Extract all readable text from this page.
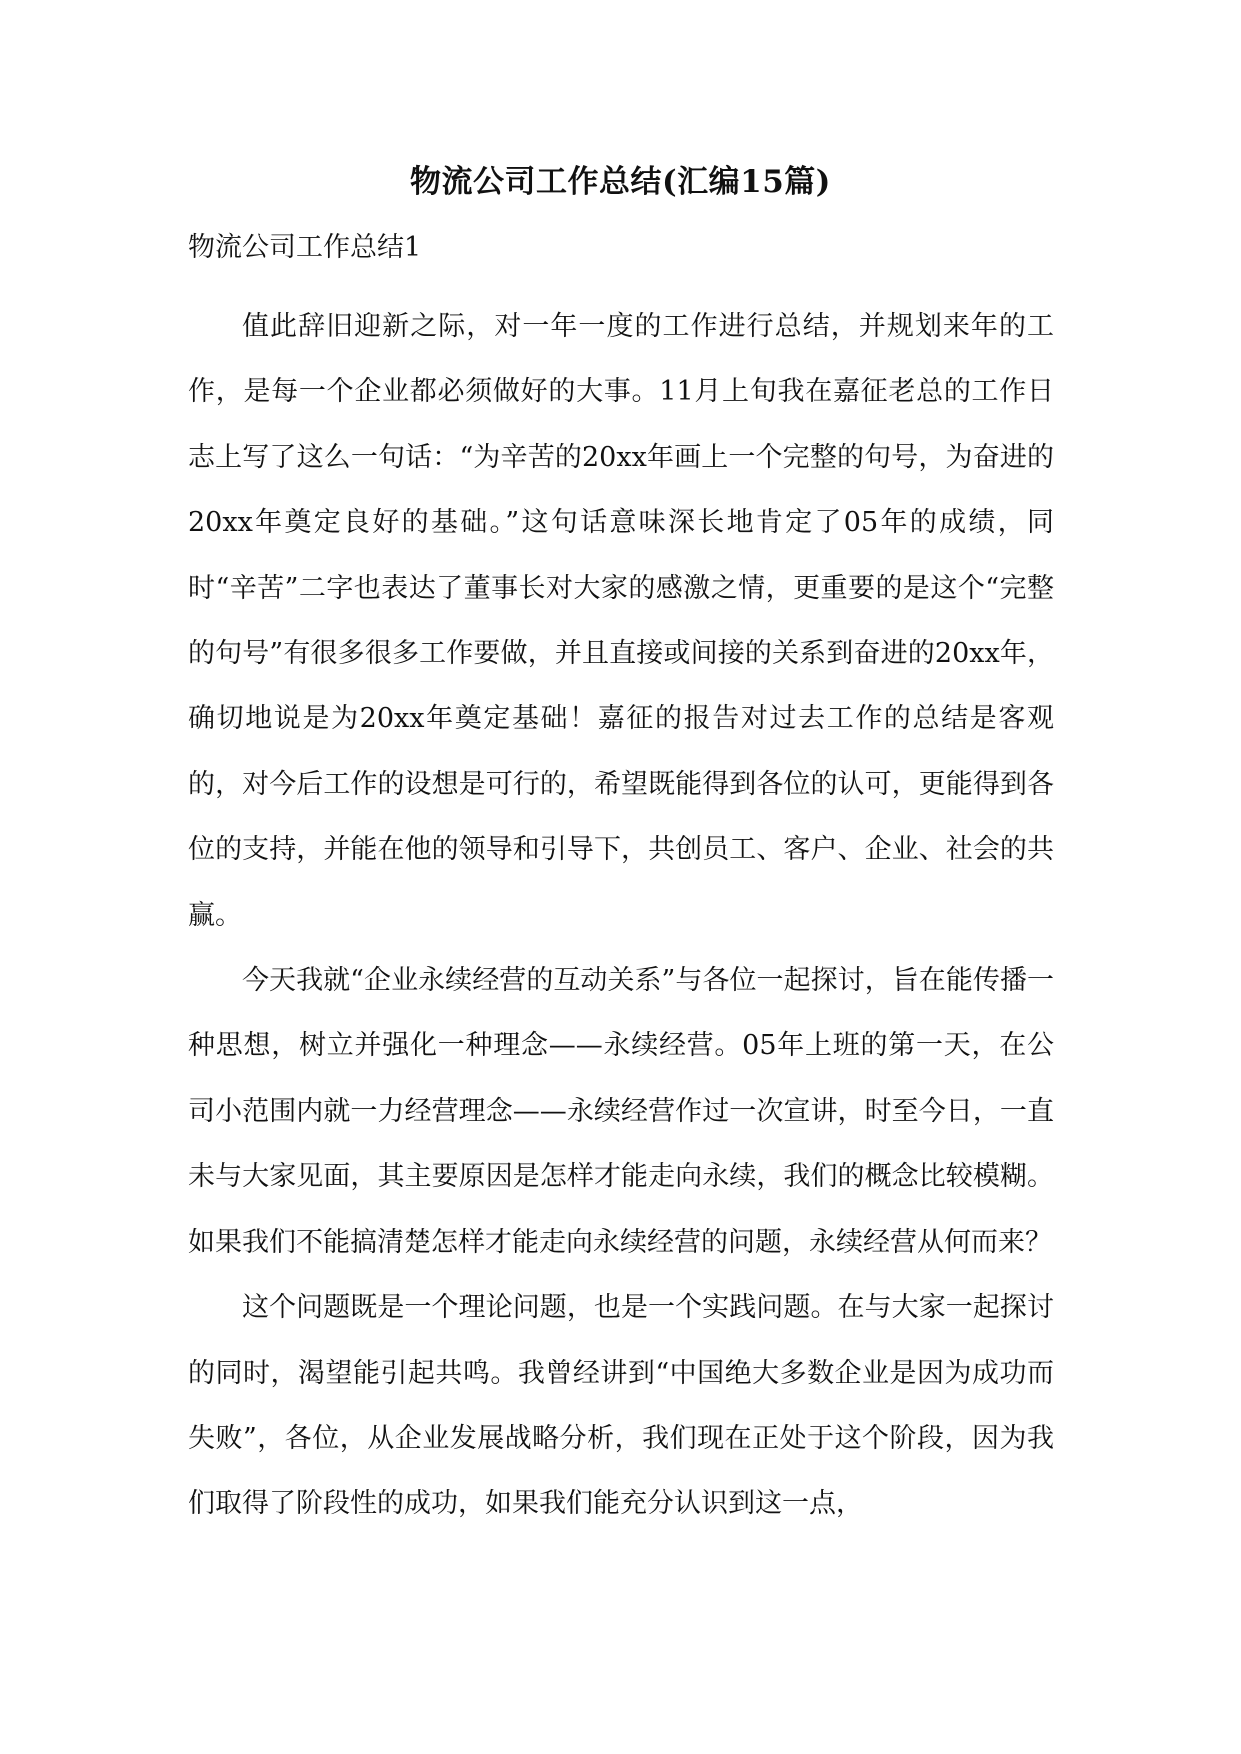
物流公司工作总结(汇编15篇)
物流公司工作总结1

值此辞旧迎新之际，对一年一度的工作进行总结，并规划来年的工作，是每一个企业都必须做好的大事。11月上旬我在嘉征老总的工作日志上写了这么一句话：“为辛苦的20xx年画上一个完整的句号，为奋进的20xx年奠定良好的基础。”这句话意味深长地肯定了05年的成绩，同时“辛苦”二字也表达了董事长对大家的感激之情，更重要的是这个“完整的句号”有很多很多工作要做，并且直接或间接的关系到奋进的20xx年，确切地说是为20xx年奠定基础！嘉征的报告对过去工作的总结是客观的，对今后工作的设想是可行的，希望既能得到各位的认可，更能得到各位的支持，并能在他的领导和引导下，共创员工、客户、企业、社会的共赢。

今天我就“企业永续经营的互动关系”与各位一起探讨，旨在能传播一种思想，树立并强化一种理念——永续经营。05年上班的第一天，在公司小范围内就一力经营理念——永续经营作过一次宣讲，时至今日，一直未与大家见面，其主要原因是怎样才能走向永续，我们的概念比较模糊。如果我们不能搞清楚怎样才能走向永续经营的问题，永续经营从何而来？

这个问题既是一个理论问题，也是一个实践问题。在与大家一起探讨的同时，渴望能引起共鸣。我曾经讲到“中国绝大多数企业是因为成功而失败”，各位，从企业发展战略分析，我们现在正处于这个阶段，因为我们取得了阶段性的成功，如果我们能充分认识到这一点，
